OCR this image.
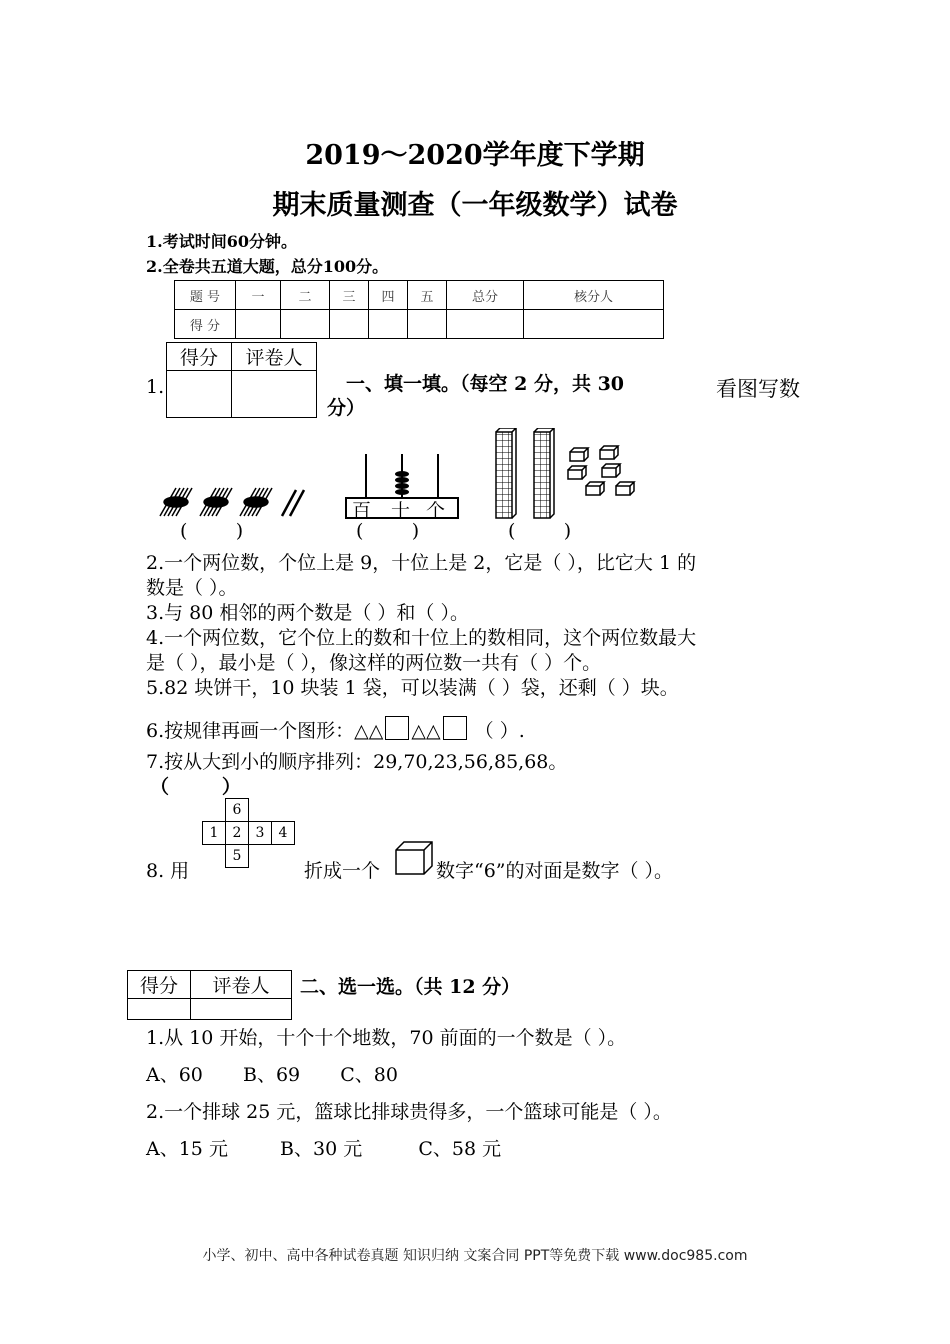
2019～2020学年度下学期
期末质量测查（一年级数学）试卷
1.考试时间60分钟。
2.全卷共五道大题，总分100分。
题 号	一	二	三	四	五	总分	核分人
得 分							
1.
得分	评卷人

一、填一填。（每空 2 分，共 30
分）
看图写数
百 十 个
(        )	(        )	(        )
2.一个两位数，个位上是 9，十位上是 2，它是（ ），比它大 1 的
数是（ ）。
3.与 80 相邻的两个数是（ ）和（ ）。
4.一个两位数，它个位上的数和十位上的数相同，这个两位数最大
是（ ），最小是（ ），像这样的两位数一共有（ ）个。
5.82 块饼干，10 块装 1 袋，可以装满（ ）袋，还剩（ ）块。
6.按规律再画一个图形：△△ △△ （ ）.
7.按从大到小的顺序排列：29,70,23,56,85,68。
（        ）
8. 用
	6		
1	2	3	4
	5		
折成一个	数字“6”的对面是数字（ ）。
得分	评卷人
	二、选一选。（共 12 分）
1.从 10 开始，十个十个地数，70 前面的一个数是（ ）。
A、60 B、69 C、80
2.一个排球 25 元，篮球比排球贵得多，一个篮球可能是（ ）。
A、15 元	B、30 元	C、58 元
小学、初中、高中各种试卷真题 知识归纳 文案合同 PPT等免费下载 www.doc985.com
